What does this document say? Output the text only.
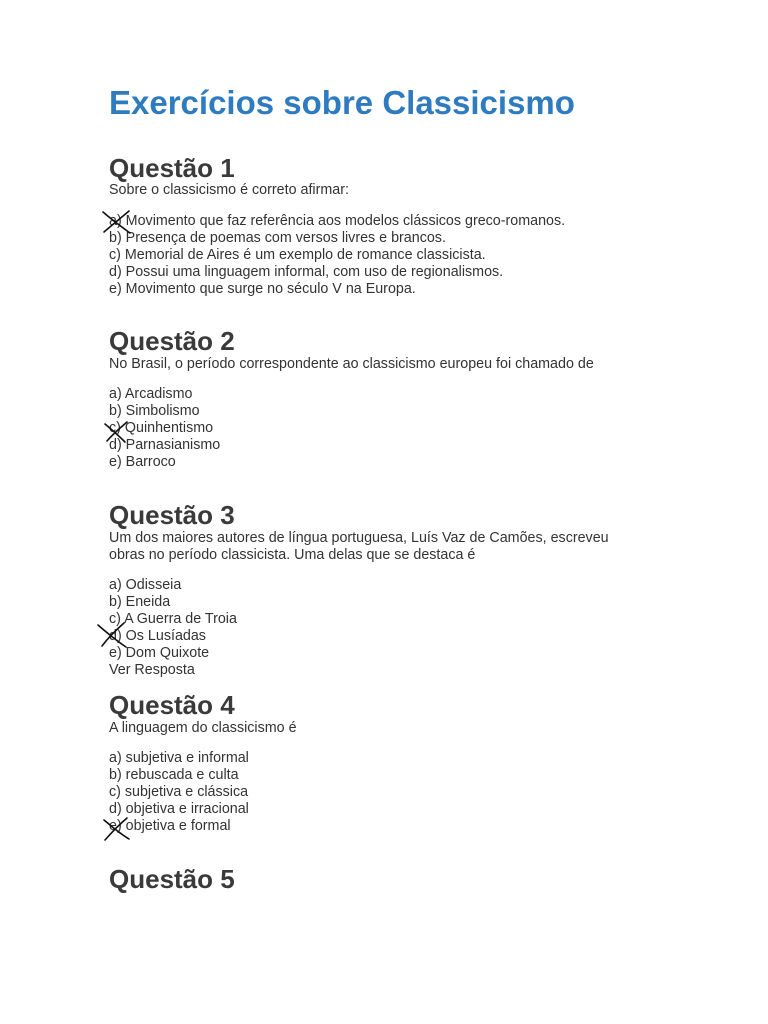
Exercícios sobre Classicismo
Questão 1
Sobre o classicismo é correto afirmar:
a) Movimento que faz referência aos modelos clássicos greco-romanos.
b) Presença de poemas com versos livres e brancos.
c) Memorial de Aires é um exemplo de romance classicista.
d) Possui uma linguagem informal, com uso de regionalismos.
e) Movimento que surge no século V na Europa.
Questão 2
No Brasil, o período correspondente ao classicismo europeu foi chamado de
a) Arcadismo
b) Simbolismo
c) Quinhentismo
d) Parnasianismo
e) Barroco
Questão 3
Um dos maiores autores de língua portuguesa, Luís Vaz de Camões, escreveu
obras no período classicista. Uma delas que se destaca é
a) Odisseia
b) Eneida
c) A Guerra de Troia
d) Os Lusíadas
e) Dom Quixote
Ver Resposta
Questão 4
A linguagem do classicismo é
a) subjetiva e informal
b) rebuscada e culta
c) subjetiva e clássica
d) objetiva e irracional
e) objetiva e formal
Questão 5
